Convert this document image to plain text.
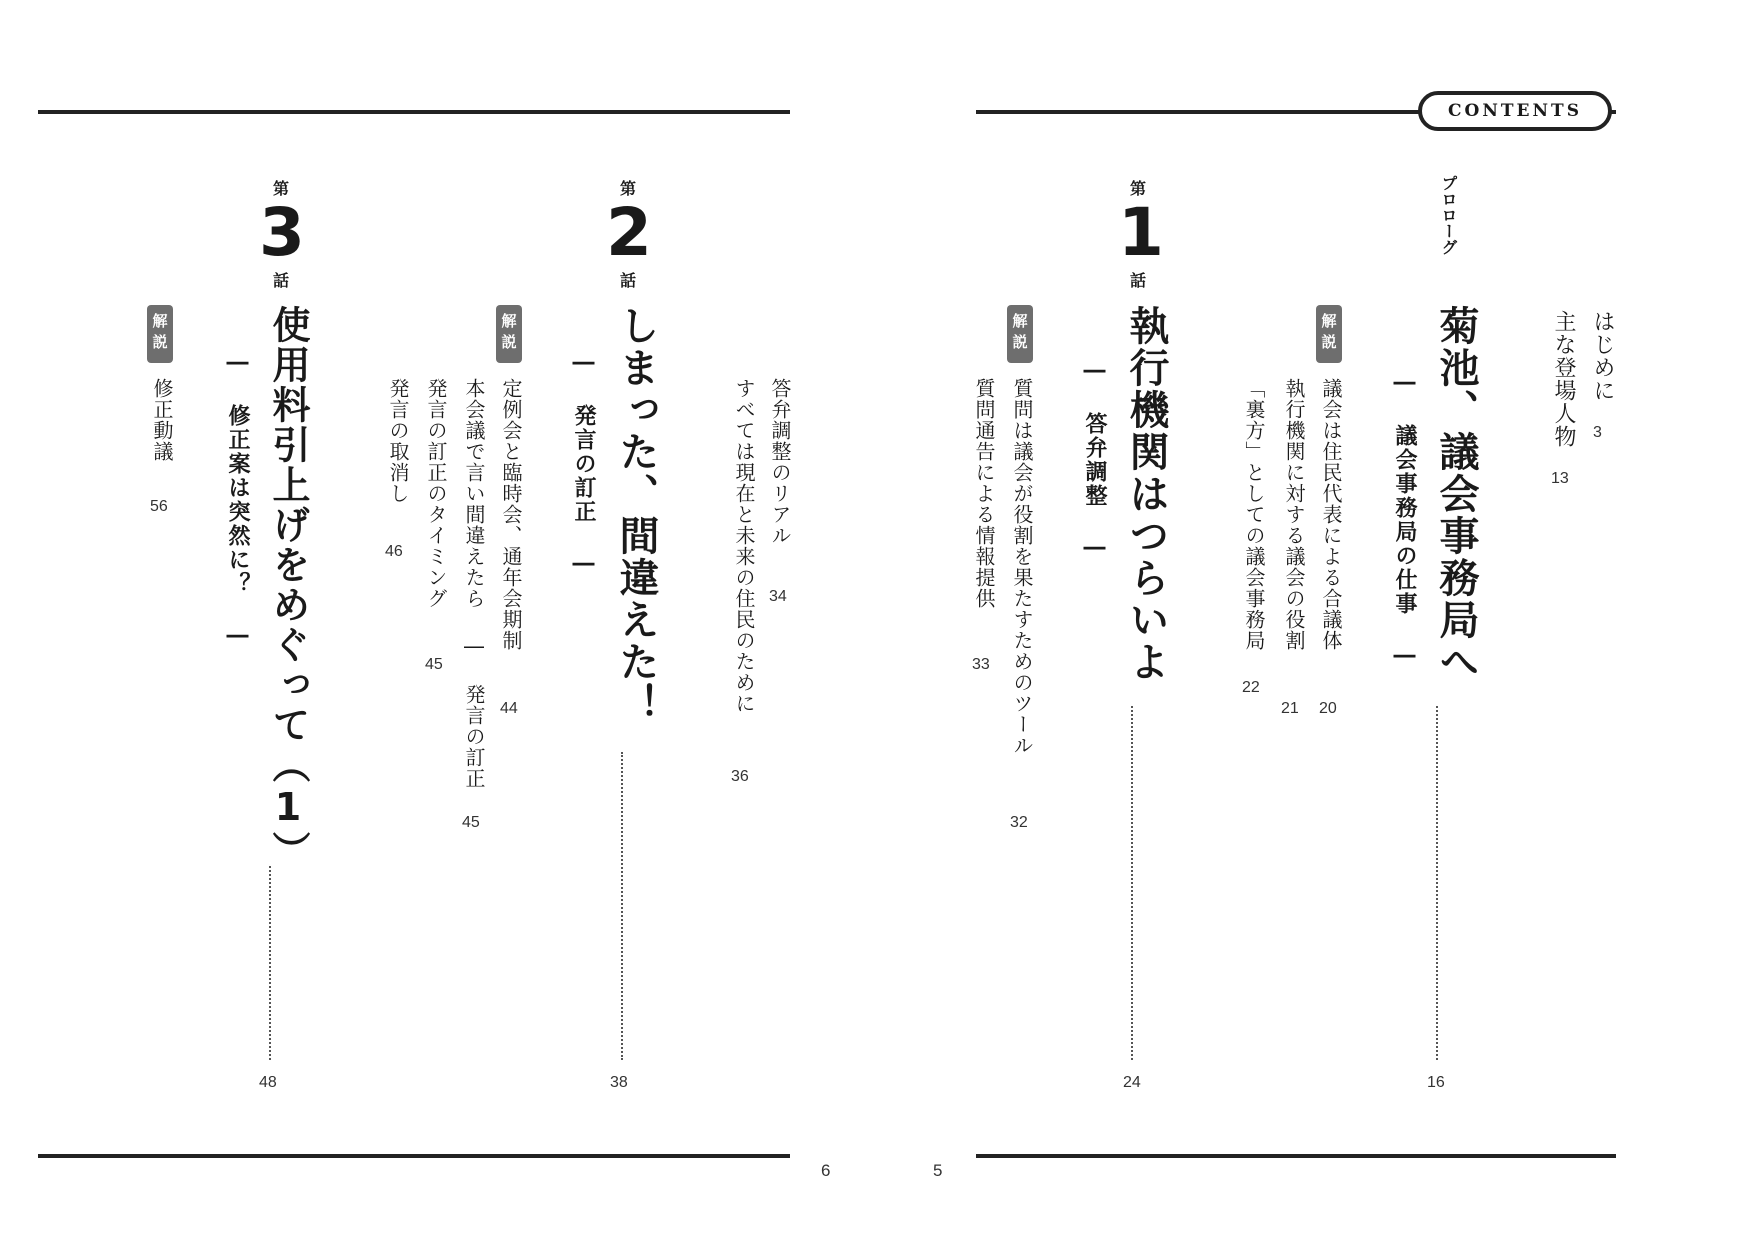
CONTENTS
はじめに
3
主な登場人物
13
プロローグ
菊池、議会事務局へ
― 議会事務局の仕事 ―
16
解説
議会は住民代表による合議体
20
執行機関に対する議会の役割
21
「裏方」としての議会事務局
22
第
1
話
執行機関はつらいよ
― 答弁調整 ―
24
解説
質問は議会が役割を果たすためのツール
32
質問通告による情報提供
33
答弁調整のリアル
34
すべては現在と未来の住民のために
36
第
2
話
しまった、間違えた！
― 発言の訂正 ―
38
解説
定例会と臨時会、通年会期制
44
本会議で言い間違えたら ― 発言の訂正
45
発言の訂正のタイミング
45
発言の取消し
46
第
3
話
使用料引上げをめぐって（1）
― 修正案は突然に？ ―
48
解説
修正動議
56
6	5
